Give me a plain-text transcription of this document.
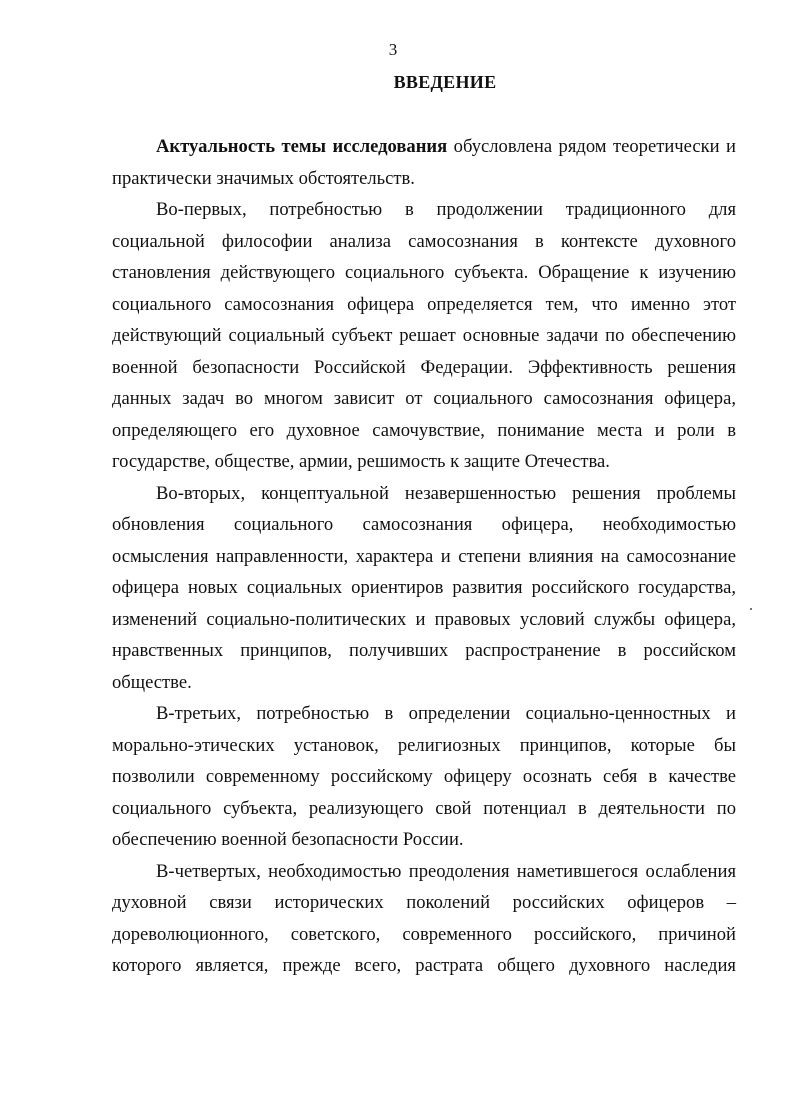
3
ВВЕДЕНИЕ

Актуальность темы исследования обусловлена рядом теоретически и практически значимых обстоятельств.

Во-первых, потребностью в продолжении традиционного для социальной философии анализа самосознания в контексте духовного становления действующего социального субъекта. Обращение к изучению социального самосознания офицера определяется тем, что именно этот действующий социальный субъект решает основные задачи по обеспечению военной безопасности Российской Федерации. Эффективность решения данных задач во многом зависит от социального самосознания офицера, определяющего его духовное самочувствие, понимание места и роли в государстве, обществе, армии, решимость к защите Отечества.

Во-вторых, концептуальной незавершенностью решения проблемы обновления социального самосознания офицера, необходимостью осмысления направленности, характера и степени влияния на самосознание офицера новых социальных ориентиров развития российского государства, изменений социально-политических и правовых условий службы офицера, нравственных принципов, получивших распространение в российском обществе.

В-третьих, потребностью в определении социально-ценностных и морально-этических установок, религиозных принципов, которые бы позволили современному российскому офицеру осознать себя в качестве социального субъекта, реализующего свой потенциал в деятельности по обеспечению военной безопасности России.

В-четвертых, необходимостью преодоления наметившегося ослабления духовной связи исторических поколений российских офицеров – дореволюционного, советского, современного российского, причиной которого является, прежде всего, растрата общего духовного наследия
